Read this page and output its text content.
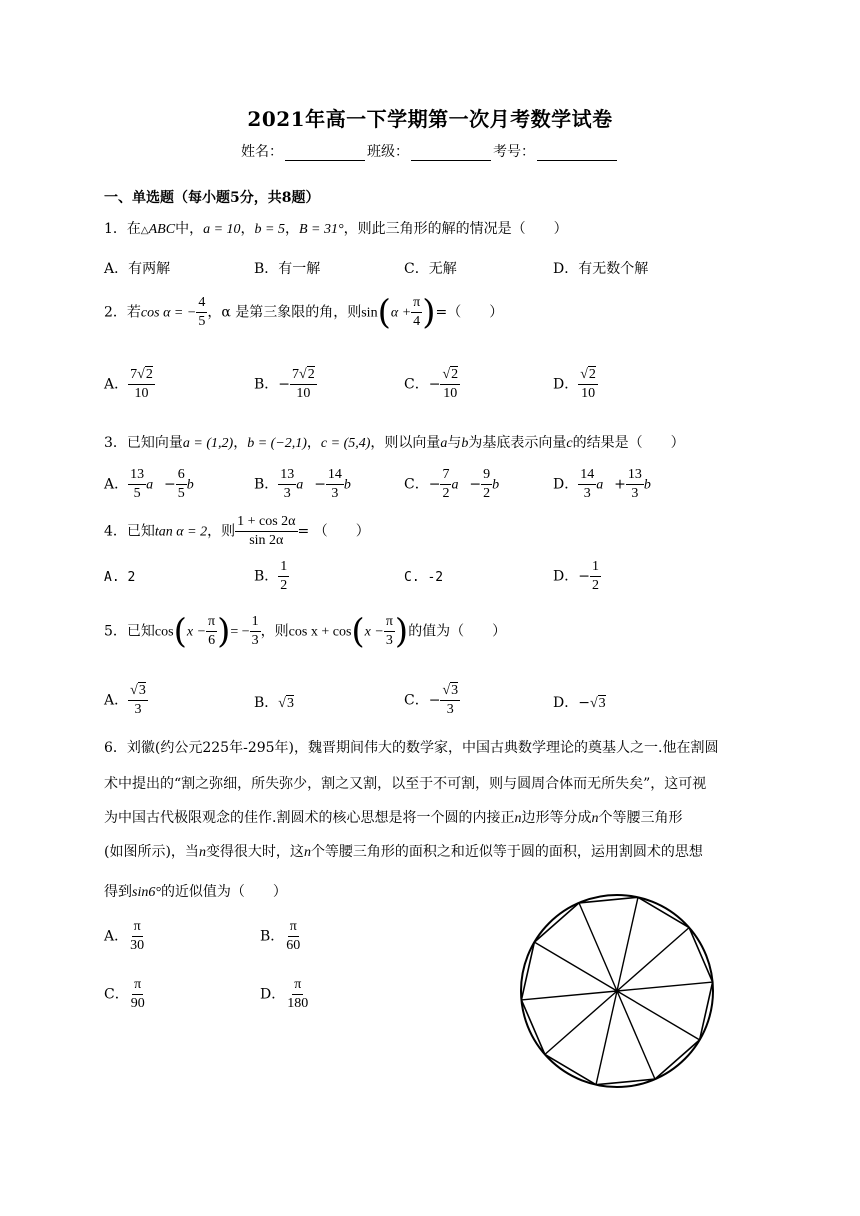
2021年高一下学期第一次月考数学试卷
姓名：	班级：	考号：
一、单选题（每小题5分，共8题）
1．在△ABC中，a = 10，b = 5，B = 31°，则此三角形的解的情况是（　　）
A．有两解	B．有一解	C．无解	D．有无数个解
2．若cos α = − $\frac{4}{5}$ ，α 是第三象限的角，则$\sin(\alpha + \frac{\pi}{4}$ )=（　　）
A． $\frac{7√2}{10}$	B．− $\frac{7√2}{10}$	C．− $\frac{√2}{10}$	D． $\frac{√2}{10}$
3．已知向量a = (1,2)，b = (−2,1)，c = (5,4)，则以向量a与b为基底表示向量c的结果是（　　）
A． $\frac{13}{5}$ a⃗− $\frac{6}{5}$ b⃗	B． $\frac{13}{3}$ a⃗− $\frac{14}{3}$ b⃗	C．− $\frac{7}{2}$ a⃗− $\frac{9}{2}$ b⃗	D． $\frac{14}{3}$ a⃗+ $\frac{13}{3}$ b⃗
4．已知tan α = 2，则 $\frac{1 + \cos 2\alpha}{\sin 2\alpha}$ = （　　）
A. 2	B． $\frac{1}{2}$	C. -2	D．− $\frac{1}{2}$
5．已知$\cos(x - \frac{\pi}{6}$ )= − $\frac{1}{3}$ ，则$\cos x + \cos(x - \frac{\pi}{3}$ )的值为（　　）
A． $\frac{√3}{3}$	B．√3	C．− $\frac{√3}{3}$	D．−√3
6．刘徽(约公元225年-295年)，魏晋期间伟大的数学家，中国古典数学理论的奠基人之一.他在割圆
术中提出的“割之弥细，所失弥少，割之又割，以至于不可割，则与圆周合体而无所失矣”，这可视
为中国古代极限观念的佳作.割圆术的核心思想是将一个圆的内接正n边形等分成n个等腰三角形
(如图所示)，当n变得很大时，这n个等腰三角形的面积之和近似等于圆的面积，运用割圆术的思想
得到sin6°的近似值为（　　）
A． $\frac{\pi}{30}$	B． $\frac{\pi}{60}$
C． $\frac{\pi}{90}$	D． $\frac{\pi}{180}$
